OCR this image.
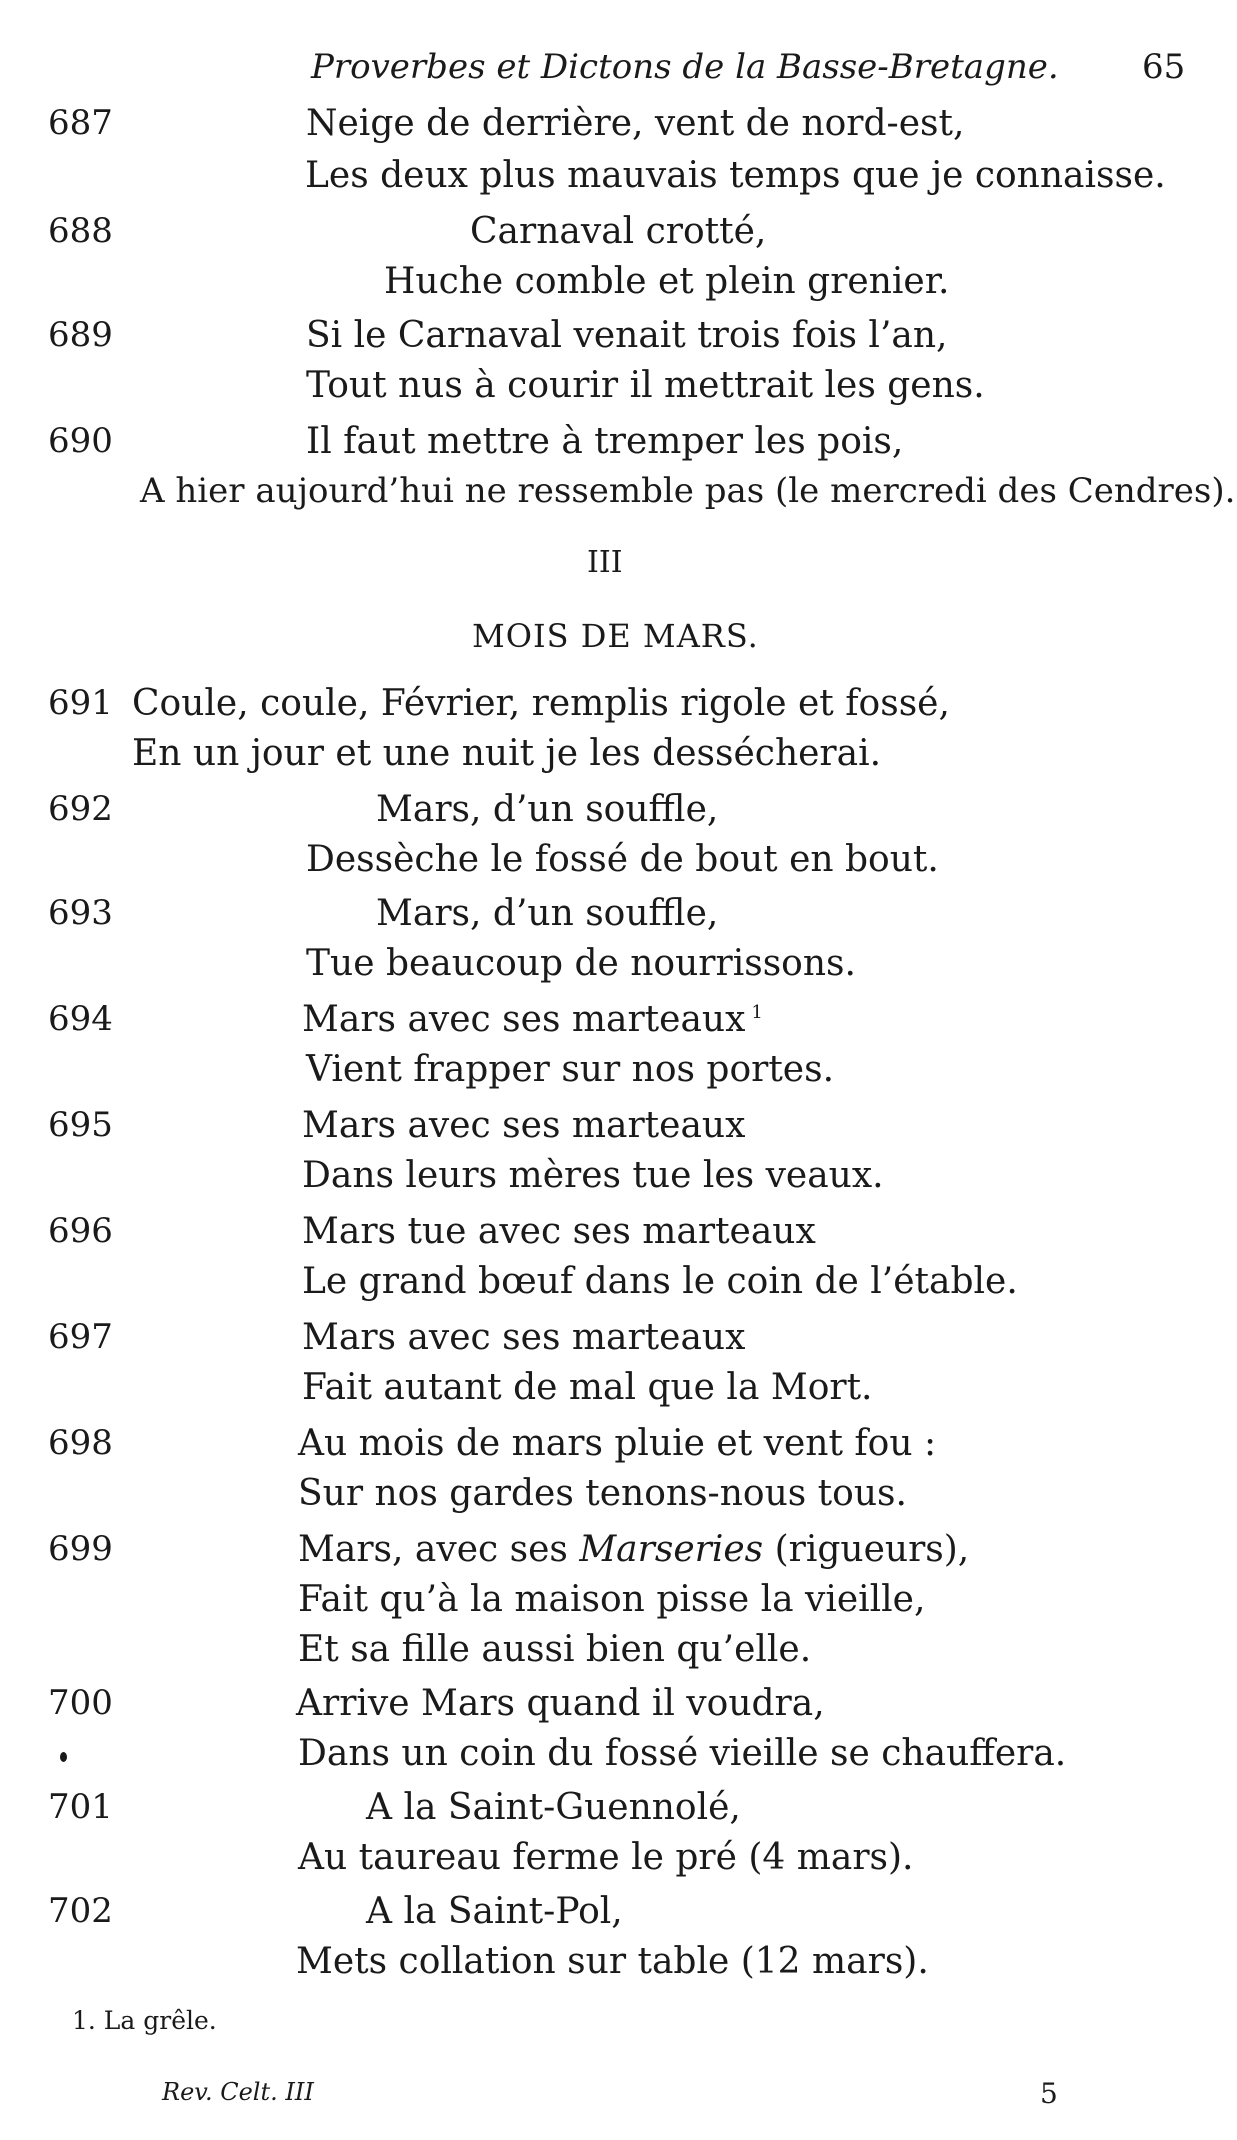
Proverbes et Dictons de la Basse-Bretagne. 65
687	Neige de derrière, vent de nord-est,
Les deux plus mauvais temps que je connaisse.
688	Carnaval crotté,
Huche comble et plein grenier.
689	Si le Carnaval venait trois fois l’an,
Tout nus à courir il mettrait les gens.
690	Il faut mettre à tremper les pois,
A hier aujourd’hui ne ressemble pas (le mercredi des Cendres).
III
MOIS DE MARS.
691 Coule, coule, Février, remplis rigole et fossé,
En un jour et une nuit je les dessécherai.
692	Mars, d’un souffle,
Dessèche le fossé de bout en bout.
693	Mars, d’un souffle,
Tue beaucoup de nourrissons.
694	Mars avec ses marteaux $^1$
Vient frapper sur nos portes.
695	Mars avec ses marteaux
Dans leurs mères tue les veaux.
696	Mars tue avec ses marteaux
Le grand bœuf dans le coin de l’étable.
697	Mars avec ses marteaux
Fait autant de mal que la Mort.
698	Au mois de mars pluie et vent fou :
Sur nos gardes tenons-nous tous.
699	Mars, avec ses Marseries (rigueurs),
Fait qu’à la maison pisse la vieille,
Et sa fille aussi bien qu’elle.
700	Arrive Mars quand il voudra,
Dans un coin du fossé vieille se chauffera.
701	A la Saint-Guennolé,
Au taureau ferme le pré (4 mars).
702	A la Saint-Pol,
Mets collation sur table (12 mars).
1. La grêle.
Rev. Celt. III	5
